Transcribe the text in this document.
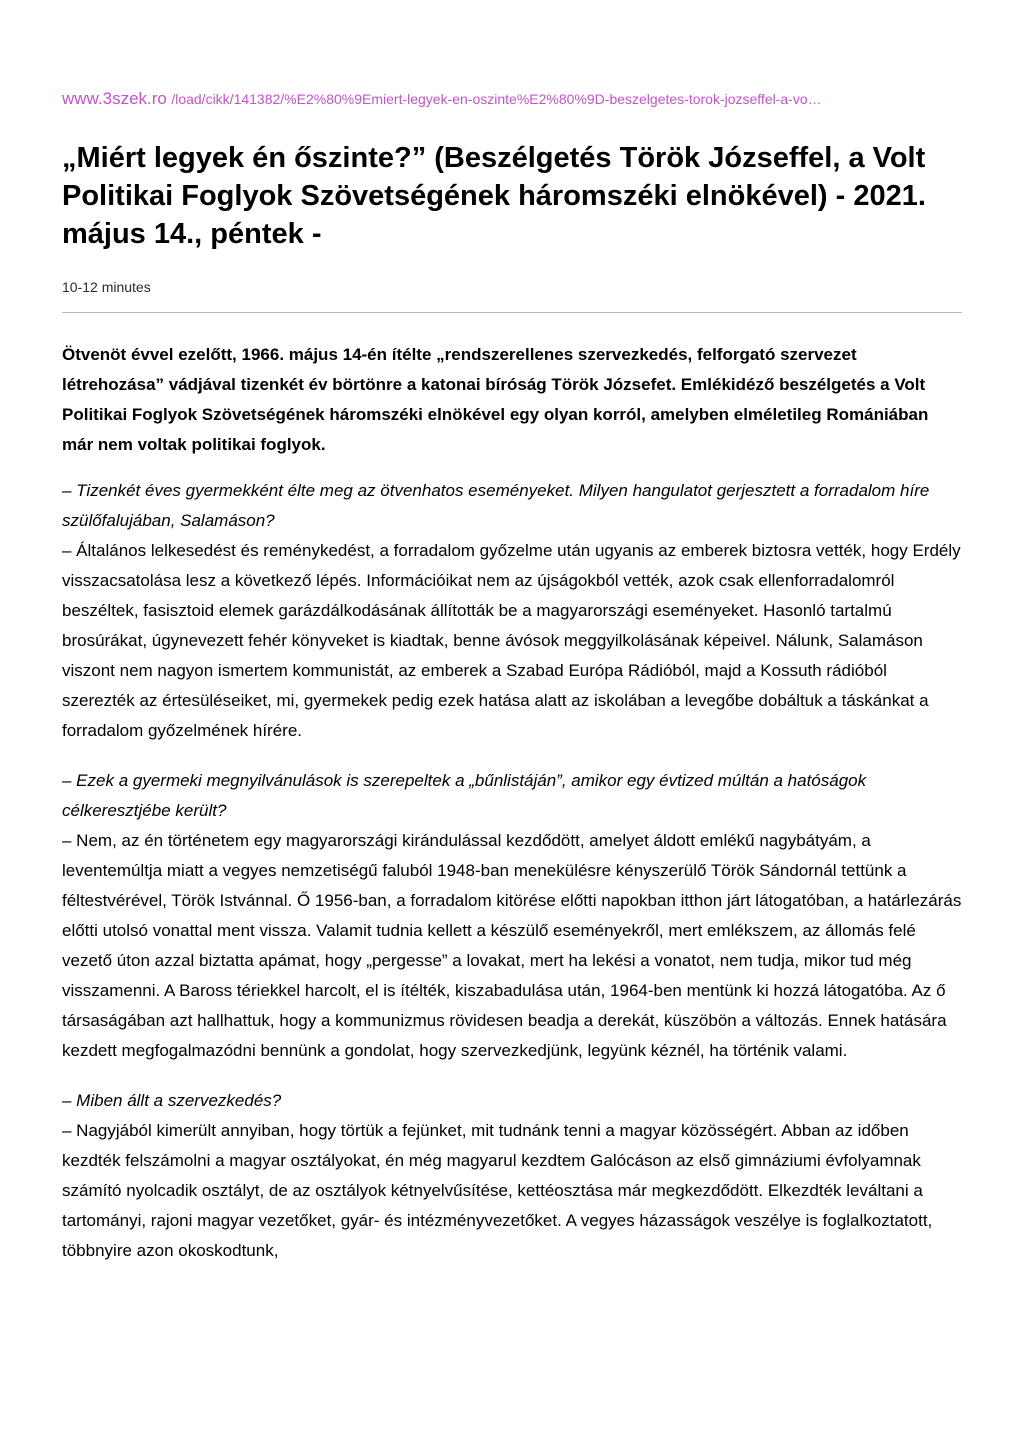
www.3szek.ro /load/cikk/141382/%E2%80%9Emiert-legyek-en-oszinte%E2%80%9D-beszelgetes-torok-jozseffel-a-vo…
„Miért legyek én őszinte?” (Beszélgetés Török Józseffel, a Volt Politikai Foglyok Szövetségének háromszéki elnökével) - 2021. május 14., péntek -
10-12 minutes

Ötvenöt évvel ezelőtt, 1966. május 14-én ítélte „rendszerellenes szervezkedés, felforgató szervezet létrehozása” vádjával tizenkét év börtönre a katonai bíróság Török Józsefet. Emlékidéző beszélgetés a Volt Politikai Foglyok Szövetségének háromszéki elnökével egy olyan korról, amelyben elméletileg Romániában már nem voltak politikai foglyok.

– Tizenkét éves gyermekként élte meg az ötvenhatos eseményeket. Milyen hangulatot gerjesztett a forradalom híre szülőfalujában, Salamáson?

– Általános lelkesedést és reménykedést, a forradalom győzelme után ugyanis az emberek biztosra vették, hogy Erdély visszacsatolása lesz a következő lépés. Információikat nem az újságokból vették, azok csak ellenforradalomról beszéltek, fasisztoid elemek garázdálkodásának állították be a magyarországi eseményeket. Hasonló tartalmú brosúrákat, úgynevezett fehér könyveket is kiadtak, benne ávósok meggyilkolásának képeivel. Nálunk, Salamáson viszont nem nagyon ismertem kommunistát, az emberek a Szabad Európa Rádióból, majd a Kossuth rádióból szerezték az értesüléseiket, mi, gyermekek pedig ezek hatása alatt az iskolában a levegőbe dobáltuk a táskánkat a forradalom győzelmének hírére.

– Ezek a gyermeki megnyilvánulások is szerepeltek a „bűnlistáján”, amikor egy évtized múltán a hatóságok célkeresztjébe került?

– Nem, az én történetem egy magyarországi kirándulással kezdődött, amelyet áldott emlékű nagybátyám, a leventemúltja miatt a vegyes nemzetiségű faluból 1948-ban menekülésre kényszerülő Török Sándornál tettünk a féltestvérével, Török Istvánnal. Ő 1956-ban, a forradalom kitörése előtti napokban itthon járt látogatóban, a határlezárás előtti utolsó vonattal ment vissza. Valamit tudnia kellett a készülő eseményekről, mert emlékszem, az állomás felé vezető úton azzal biztatta apámat, hogy „pergesse” a lovakat, mert ha lekési a vonatot, nem tudja, mikor tud még visszamenni. A Baross tériekkel harcolt, el is ítélték, kiszabadulása után, 1964-ben mentünk ki hozzá látogatóba. Az ő társaságában azt hallhattuk, hogy a kommunizmus rövidesen beadja a derekát, küszöbön a változás. Ennek hatására kezdett megfogalmazódni bennünk a gondolat, hogy szervezkedjünk, legyünk kéznél, ha történik valami.

– Miben állt a szervezkedés?

– Nagyjából kimerült annyiban, hogy törtük a fejünket, mit tudnánk tenni a magyar közösségért. Abban az időben kezdték felszámolni a magyar osztályokat, én még magyarul kezdtem Galócáson az első gimnáziumi évfolyamnak számító nyolcadik osztályt, de az osztályok kétnyelvűsítése, kettéosztása már megkezdődött. Elkezdték leváltani a tartományi, rajoni magyar vezetőket, gyár- és intézményvezetőket. A vegyes házasságok veszélye is foglalkoztatott, többnyire azon okoskodtunk,
